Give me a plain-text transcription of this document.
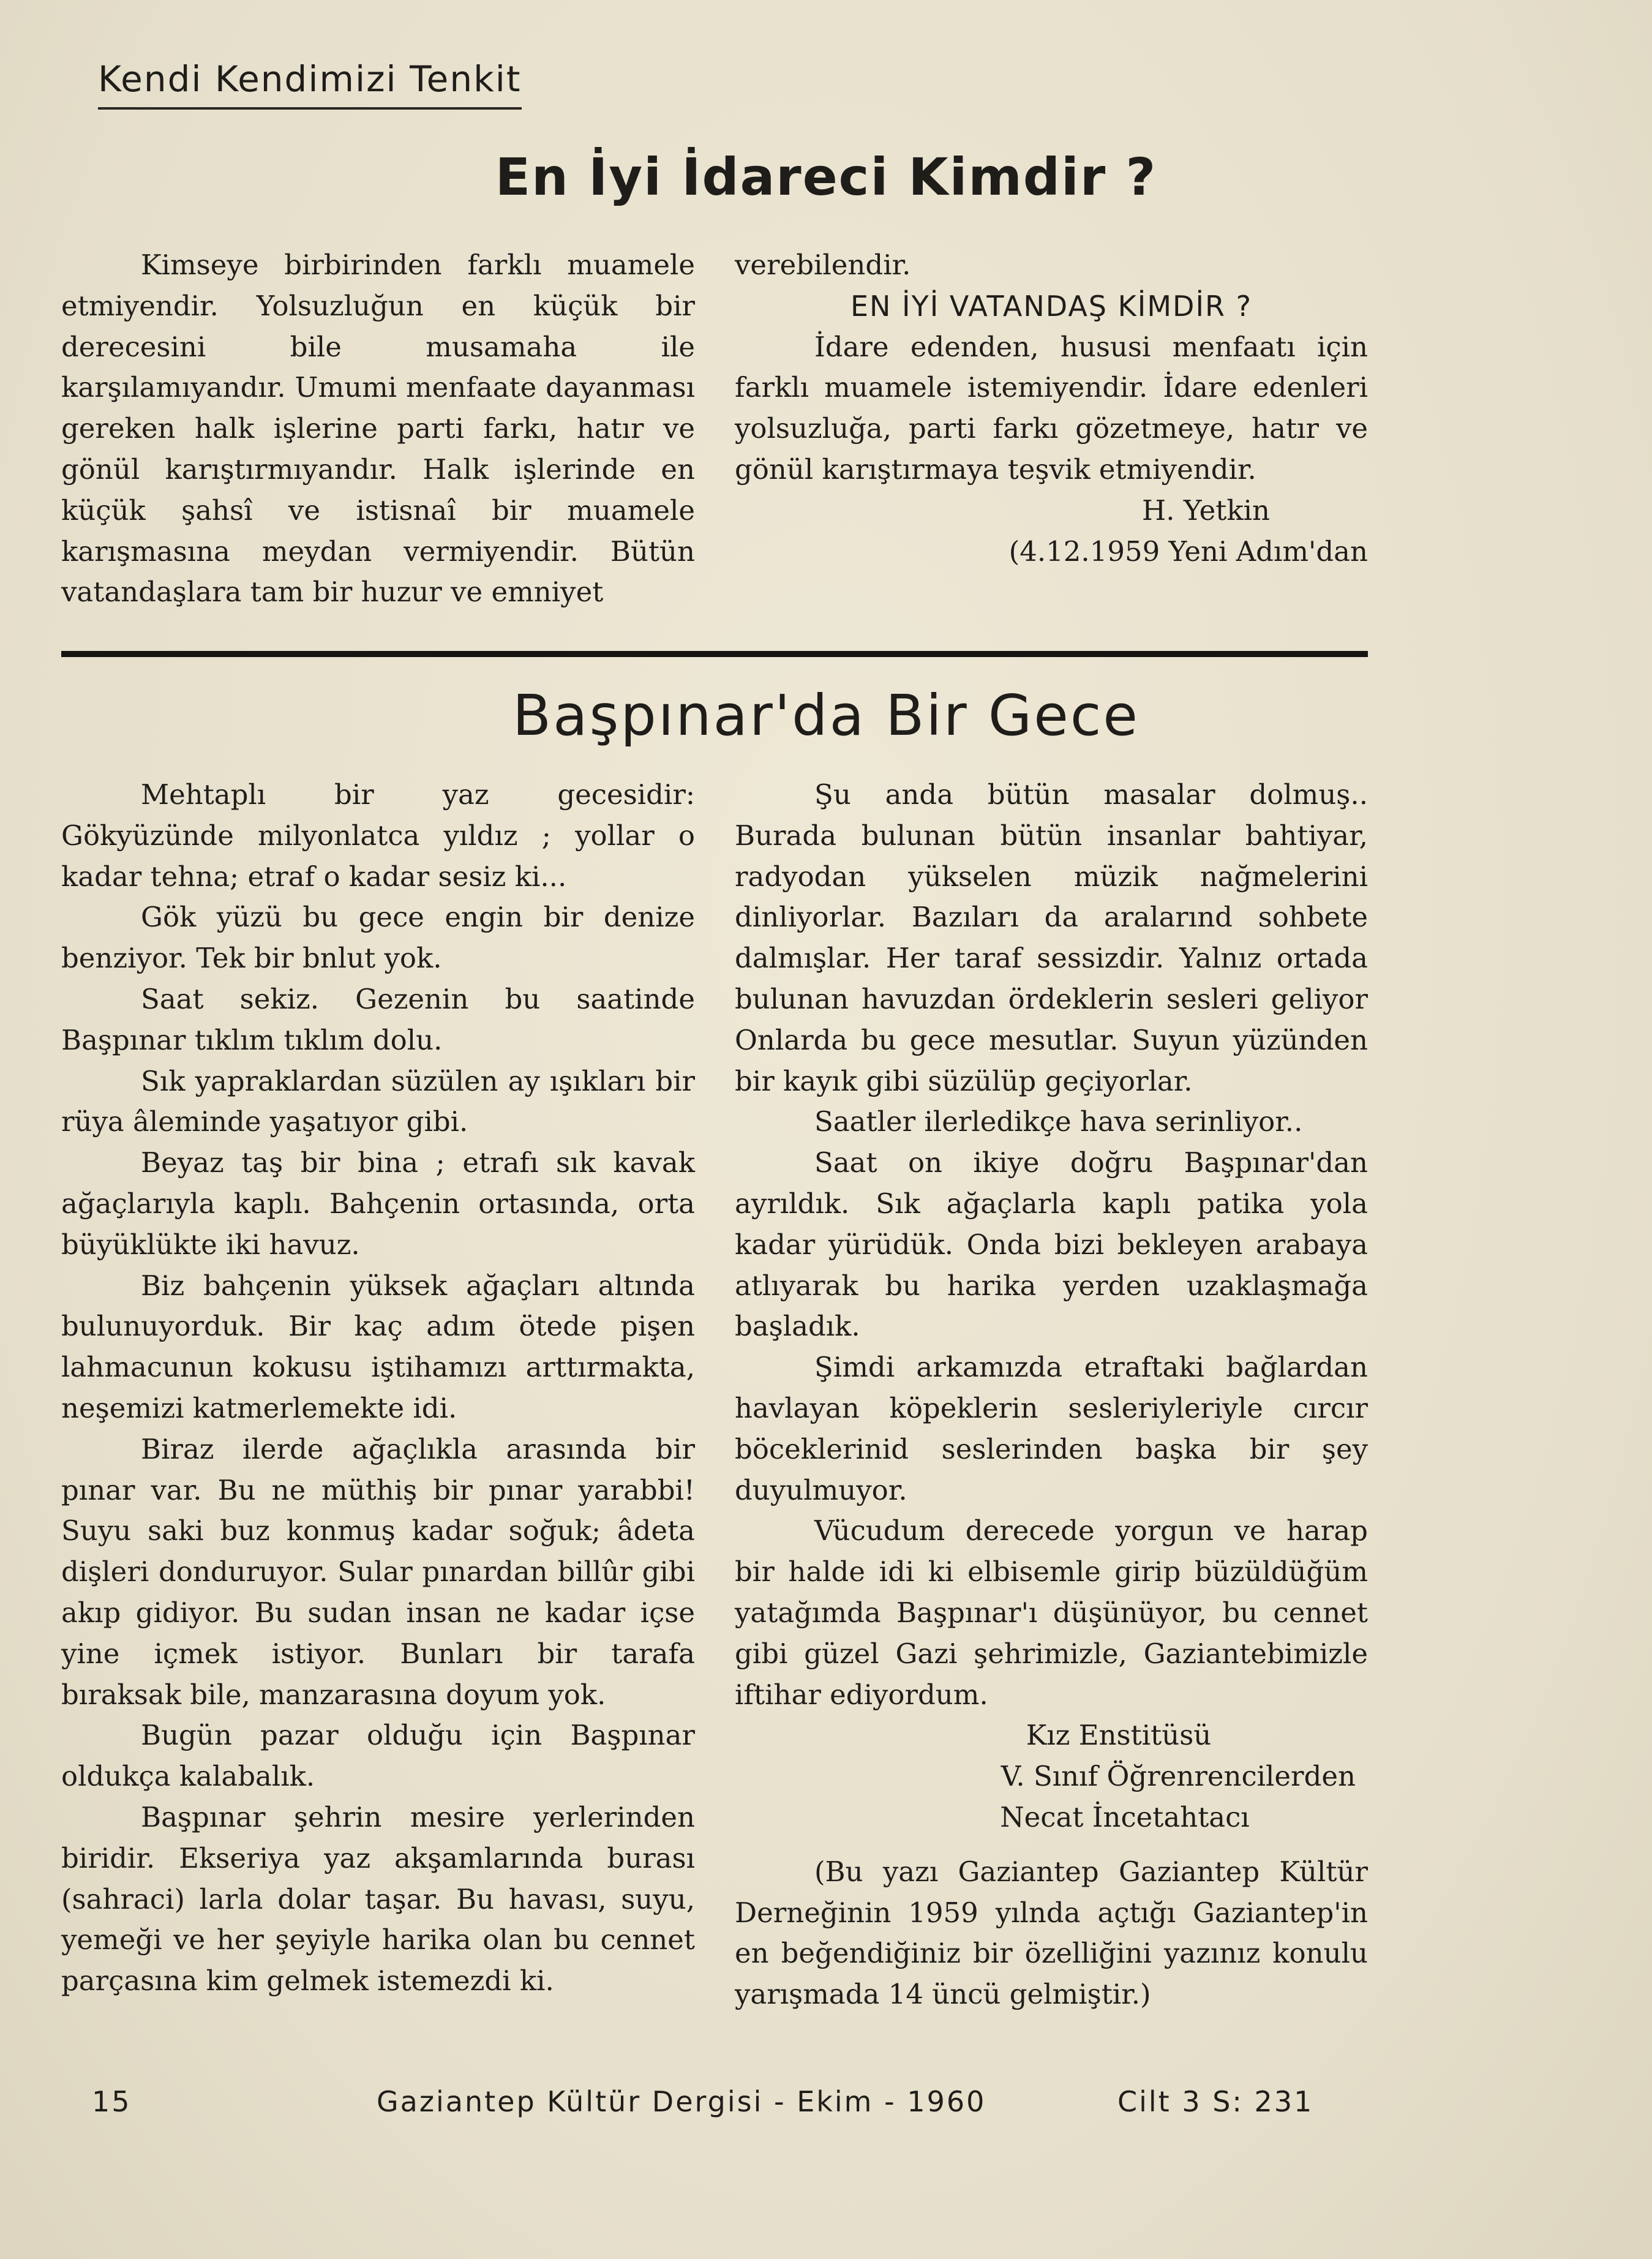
Kendi Kendimizi Tenkit
En İyi İdareci Kimdir ?

Kimseye birbirinden farklı muamele etmiyendir. Yolsuzluğun en küçük bir derecesini bile musamaha ile karşılamıyandır. Umumi menfaate dayanması gereken halk işlerine parti farkı, hatır ve gönül karıştırmıyandır. Halk işlerinde en küçük şahsî ve istisnaî bir muamele karışmasına meydan vermiyendir. Bütün vatandaşlara tam bir huzur ve emniyet

verebilendir.

EN İYİ VATANDAŞ KİMDİR ?

İdare edenden, hususi menfaatı için farklı muamele istemiyendir. İdare edenleri yolsuzluğa, parti farkı gözetmeye, hatır ve gönül karıştırmaya teşvik etmiyendir.

H. Yetkin

(4.12.1959 Yeni Adım'dan

Başpınar'da Bir Gece

Mehtaplı bir yaz gecesidir: Gökyüzünde milyonlatca yıldız ; yollar o kadar tehna; etraf o kadar sesiz ki...

Gök yüzü bu gece engin bir denize benziyor. Tek bir bnlut yok.

Saat sekiz. Gezenin bu saatinde Başpınar tıklım tıklım dolu.

Sık yapraklardan süzülen ay ışıkları bir rüya âleminde yaşatıyor gibi.

Beyaz taş bir bina ; etrafı sık kavak ağaçlarıyla kaplı. Bahçenin ortasında, orta büyüklükte iki havuz.

Biz bahçenin yüksek ağaçları altında bulunuyorduk. Bir kaç adım ötede pişen lahmacunun kokusu iştihamızı arttırmakta, neşemizi katmerlemekte idi.

Biraz ilerde ağaçlıkla arasında bir pınar var. Bu ne müthiş bir pınar yarabbi! Suyu saki buz konmuş kadar soğuk; âdeta dişleri donduruyor. Sular pınardan billûr gibi akıp gidiyor. Bu sudan insan ne kadar içse yine içmek istiyor. Bunları bir tarafa bıraksak bile, manzarasına doyum yok.

Bugün pazar olduğu için Başpınar oldukça kalabalık.

Başpınar şehrin mesire yerlerinden biridir. Ekseriya yaz akşamlarında burası (sahraci) larla dolar taşar. Bu havası, suyu, yemeği ve her şeyiyle harika olan bu cennet parçasına kim gelmek istemezdi ki.

Şu anda bütün masalar dolmuş.. Burada bulunan bütün insanlar bahtiyar, radyodan yükselen müzik nağmelerini dinliyorlar. Bazıları da aralarınd sohbete dalmışlar. Her taraf sessizdir. Yalnız ortada bulunan havuzdan ördeklerin sesleri geliyor Onlarda bu gece mesutlar. Suyun yüzünden bir kayık gibi süzülüp geçiyorlar.

Saatler ilerledikçe hava serinliyor..

Saat on ikiye doğru Başpınar'dan ayrıldık. Sık ağaçlarla kaplı patika yola kadar yürüdük. Onda bizi bekleyen arabaya atlıyarak bu harika yerden uzaklaşmağa başladık.

Şimdi arkamızda etraftaki bağlardan havlayan köpeklerin sesleriyleriyle cırcır böceklerinid seslerinden başka bir şey duyulmuyor.

Vücudum derecede yorgun ve harap bir halde idi ki elbisemle girip büzüldüğüm yatağımda Başpınar'ı düşünüyor, bu cennet gibi güzel Gazi şehrimizle, Gaziantebimizle iftihar ediyordum.

Kız Enstitüsü

V. Sınıf Öğrenrencilerden

Necat İncetahtacı

(Bu yazı Gaziantep Gaziantep Kültür Derneğinin 1959 yılnda açtığı Gaziantep'in en beğendiğiniz bir özelliğini yazınız konulu yarışmada 14 üncü gelmiştir.)

15	Gaziantep Kültür Dergisi - Ekim - 1960	Cilt 3 S: 231
